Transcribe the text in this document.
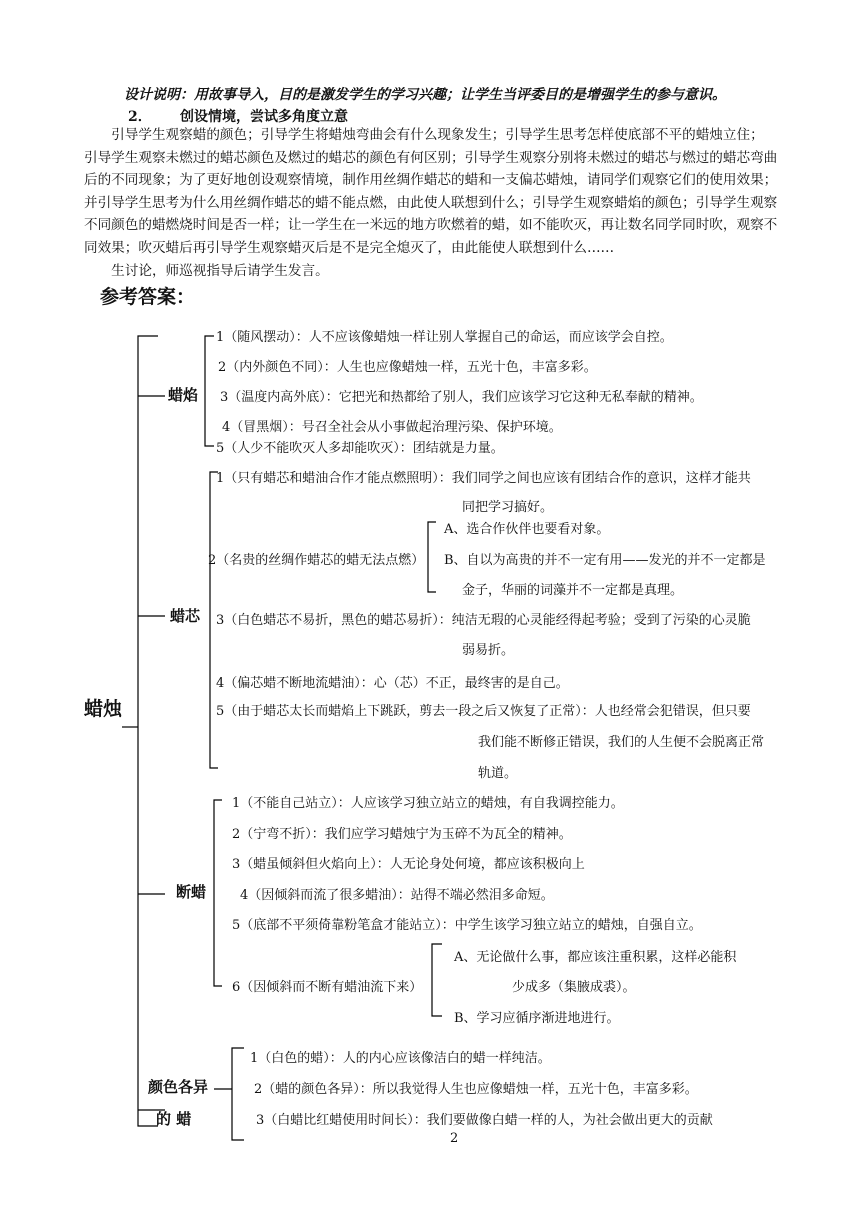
设计说明：用故事导入，目的是激发学生的学习兴趣；让学生当评委目的是增强学生的参与意识。
2． 创设情境，尝试多角度立意
　　引导学生观察蜡的颜色；引导学生将蜡烛弯曲会有什么现象发生；引导学生思考怎样使底部不平的蜡烛立住；
引导学生观察未燃过的蜡芯颜色及燃过的蜡芯的颜色有何区别；引导学生观察分别将未燃过的蜡芯与燃过的蜡芯弯曲
后的不同现象；为了更好地创设观察情境，制作用丝绸作蜡芯的蜡和一支偏芯蜡烛，请同学们观察它们的使用效果；
并引导学生思考为什么用丝绸作蜡芯的蜡不能点燃，由此使人联想到什么；引导学生观察蜡焰的颜色；引导学生观察
不同颜色的蜡燃烧时间是否一样；让一学生在一米远的地方吹燃着的蜡，如不能吹灭，再让数名同学同时吹，观察不
同效果；吹灭蜡后再引导学生观察蜡灭后是不是完全熄灭了，由此能使人联想到什么……
　　生讨论，师巡视指导后请学生发言。
参考答案：
蜡烛
蜡焰
1（随风摆动）：人不应该像蜡烛一样让别人掌握自己的命运，而应该学会自控。
2（内外颜色不同）：人生也应像蜡烛一样，五光十色，丰富多彩。
3（温度内高外底）：它把光和热都给了别人，我们应该学习它这种无私奉献的精神。
4（冒黑烟）：号召全社会从小事做起治理污染、保护环境。
5（人少不能吹灭人多却能吹灭）：团结就是力量。
蜡芯
1（只有蜡芯和蜡油合作才能点燃照明）：我们同学之间也应该有团结合作的意识，这样才能共
同把学习搞好。
2（名贵的丝绸作蜡芯的蜡无法点燃）
A、选合作伙伴也要看对象。
B、自以为高贵的并不一定有用——发光的并不一定都是
金子，华丽的词藻并不一定都是真理。
3（白色蜡芯不易折，黑色的蜡芯易折）：纯洁无瑕的心灵能经得起考验；受到了污染的心灵脆
弱易折。
4（偏芯蜡不断地流蜡油）：心（芯）不正，最终害的是自己。
5（由于蜡芯太长而蜡焰上下跳跃，剪去一段之后又恢复了正常）：人也经常会犯错误，但只要
我们能不断修正错误，我们的人生便不会脱离正常
轨道。
断蜡
1（不能自己站立）：人应该学习独立站立的蜡烛，有自我调控能力。
2（宁弯不折）：我们应学习蜡烛宁为玉碎不为瓦全的精神。
3（蜡虽倾斜但火焰向上）：人无论身处何境，都应该积极向上
4（因倾斜而流了很多蜡油）：站得不端必然泪多命短。
5（底部不平须倚靠粉笔盒才能站立）：中学生该学习独立站立的蜡烛，自强自立。
6（因倾斜而不断有蜡油流下来）
A、无论做什么事，都应该注重积累，这样必能积
少成多（集腋成裘）。
B、学习应循序渐进地进行。
颜色各异
的 蜡
1（白色的蜡）：人的内心应该像洁白的蜡一样纯洁。
2（蜡的颜色各异）：所以我觉得人生也应像蜡烛一样，五光十色，丰富多彩。
3（白蜡比红蜡使用时间长）：我们要做像白蜡一样的人，为社会做出更大的贡献
2
